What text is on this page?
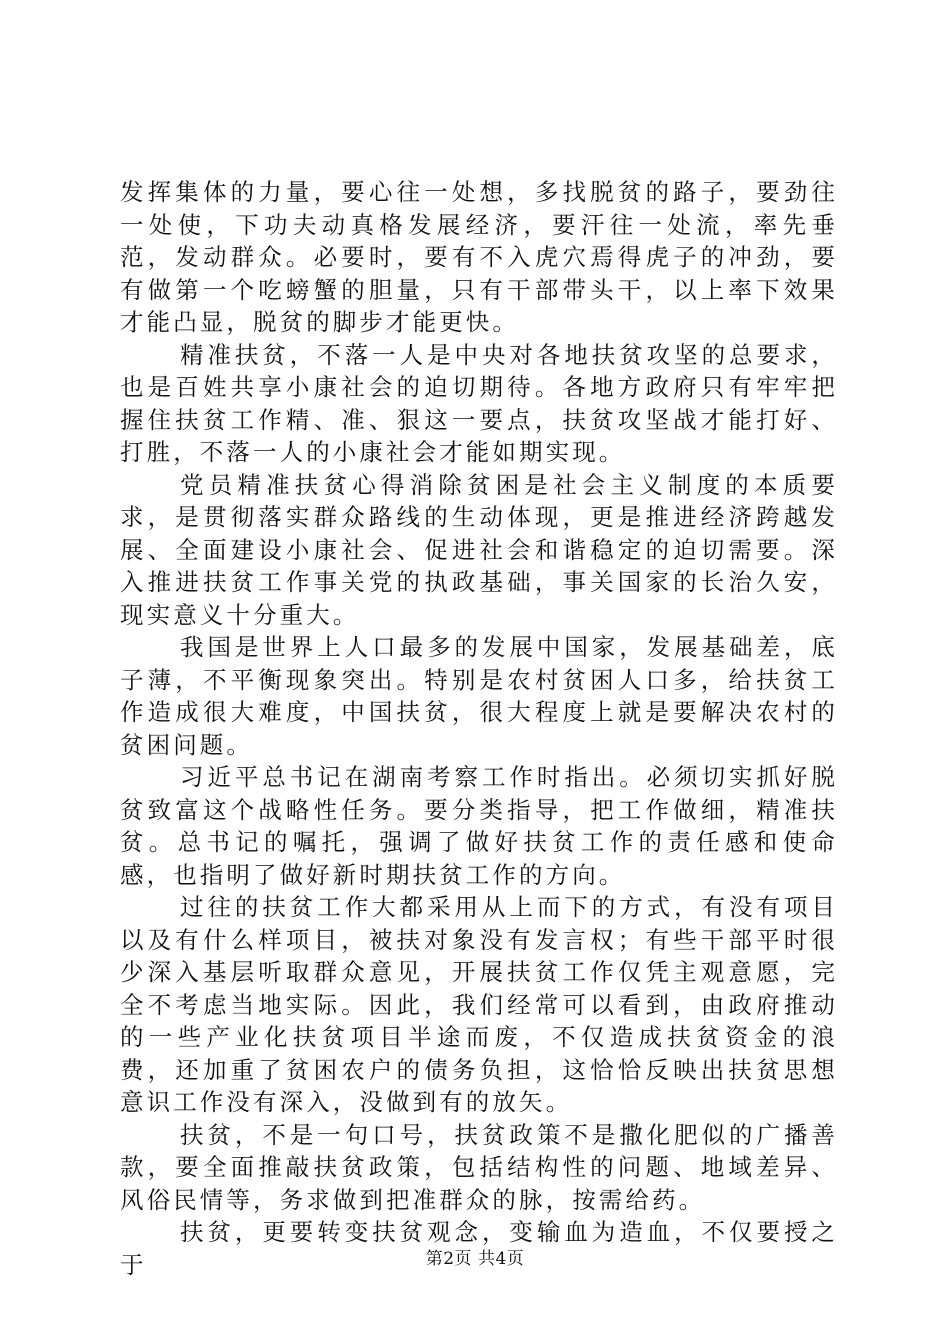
发挥集体的力量，要心往一处想，多找脱贫的路子，要劲往一处使，下功夫动真格发展经济，要汗往一处流，率先垂范，发动群众。必要时，要有不入虎穴焉得虎子的冲劲，要有做第一个吃螃蟹的胆量，只有干部带头干，以上率下效果才能凸显，脱贫的脚步才能更快。

精准扶贫，不落一人是中央对各地扶贫攻坚的总要求，也是百姓共享小康社会的迫切期待。各地方政府只有牢牢把握住扶贫工作精、准、狠这一要点，扶贫攻坚战才能打好、打胜，不落一人的小康社会才能如期实现。

党员精准扶贫心得消除贫困是社会主义制度的本质要求，是贯彻落实群众路线的生动体现，更是推进经济跨越发展、全面建设小康社会、促进社会和谐稳定的迫切需要。深入推进扶贫工作事关党的执政基础，事关国家的长治久安，现实意义十分重大。

我国是世界上人口最多的发展中国家，发展基础差，底子薄，不平衡现象突出。特别是农村贫困人口多，给扶贫工作造成很大难度，中国扶贫，很大程度上就是要解决农村的贫困问题。

习近平总书记在湖南考察工作时指出。必须切实抓好脱贫致富这个战略性任务。要分类指导，把工作做细，精准扶贫。总书记的嘱托，强调了做好扶贫工作的责任感和使命感，也指明了做好新时期扶贫工作的方向。

过往的扶贫工作大都采用从上而下的方式，有没有项目以及有什么样项目，被扶对象没有发言权；有些干部平时很少深入基层听取群众意见，开展扶贫工作仅凭主观意愿，完全不考虑当地实际。因此，我们经常可以看到，由政府推动的一些产业化扶贫项目半途而废，不仅造成扶贫资金的浪费，还加重了贫困农户的债务负担，这恰恰反映出扶贫思想意识工作没有深入，没做到有的放矢。

扶贫，不是一句口号，扶贫政策不是撒化肥似的广播善款，要全面推敲扶贫政策，包括结构性的问题、地域差异、风俗民情等，务求做到把准群众的脉，按需给药。

扶贫，更要转变扶贫观念，变输血为造血，不仅要授之于	第2页 共4页
